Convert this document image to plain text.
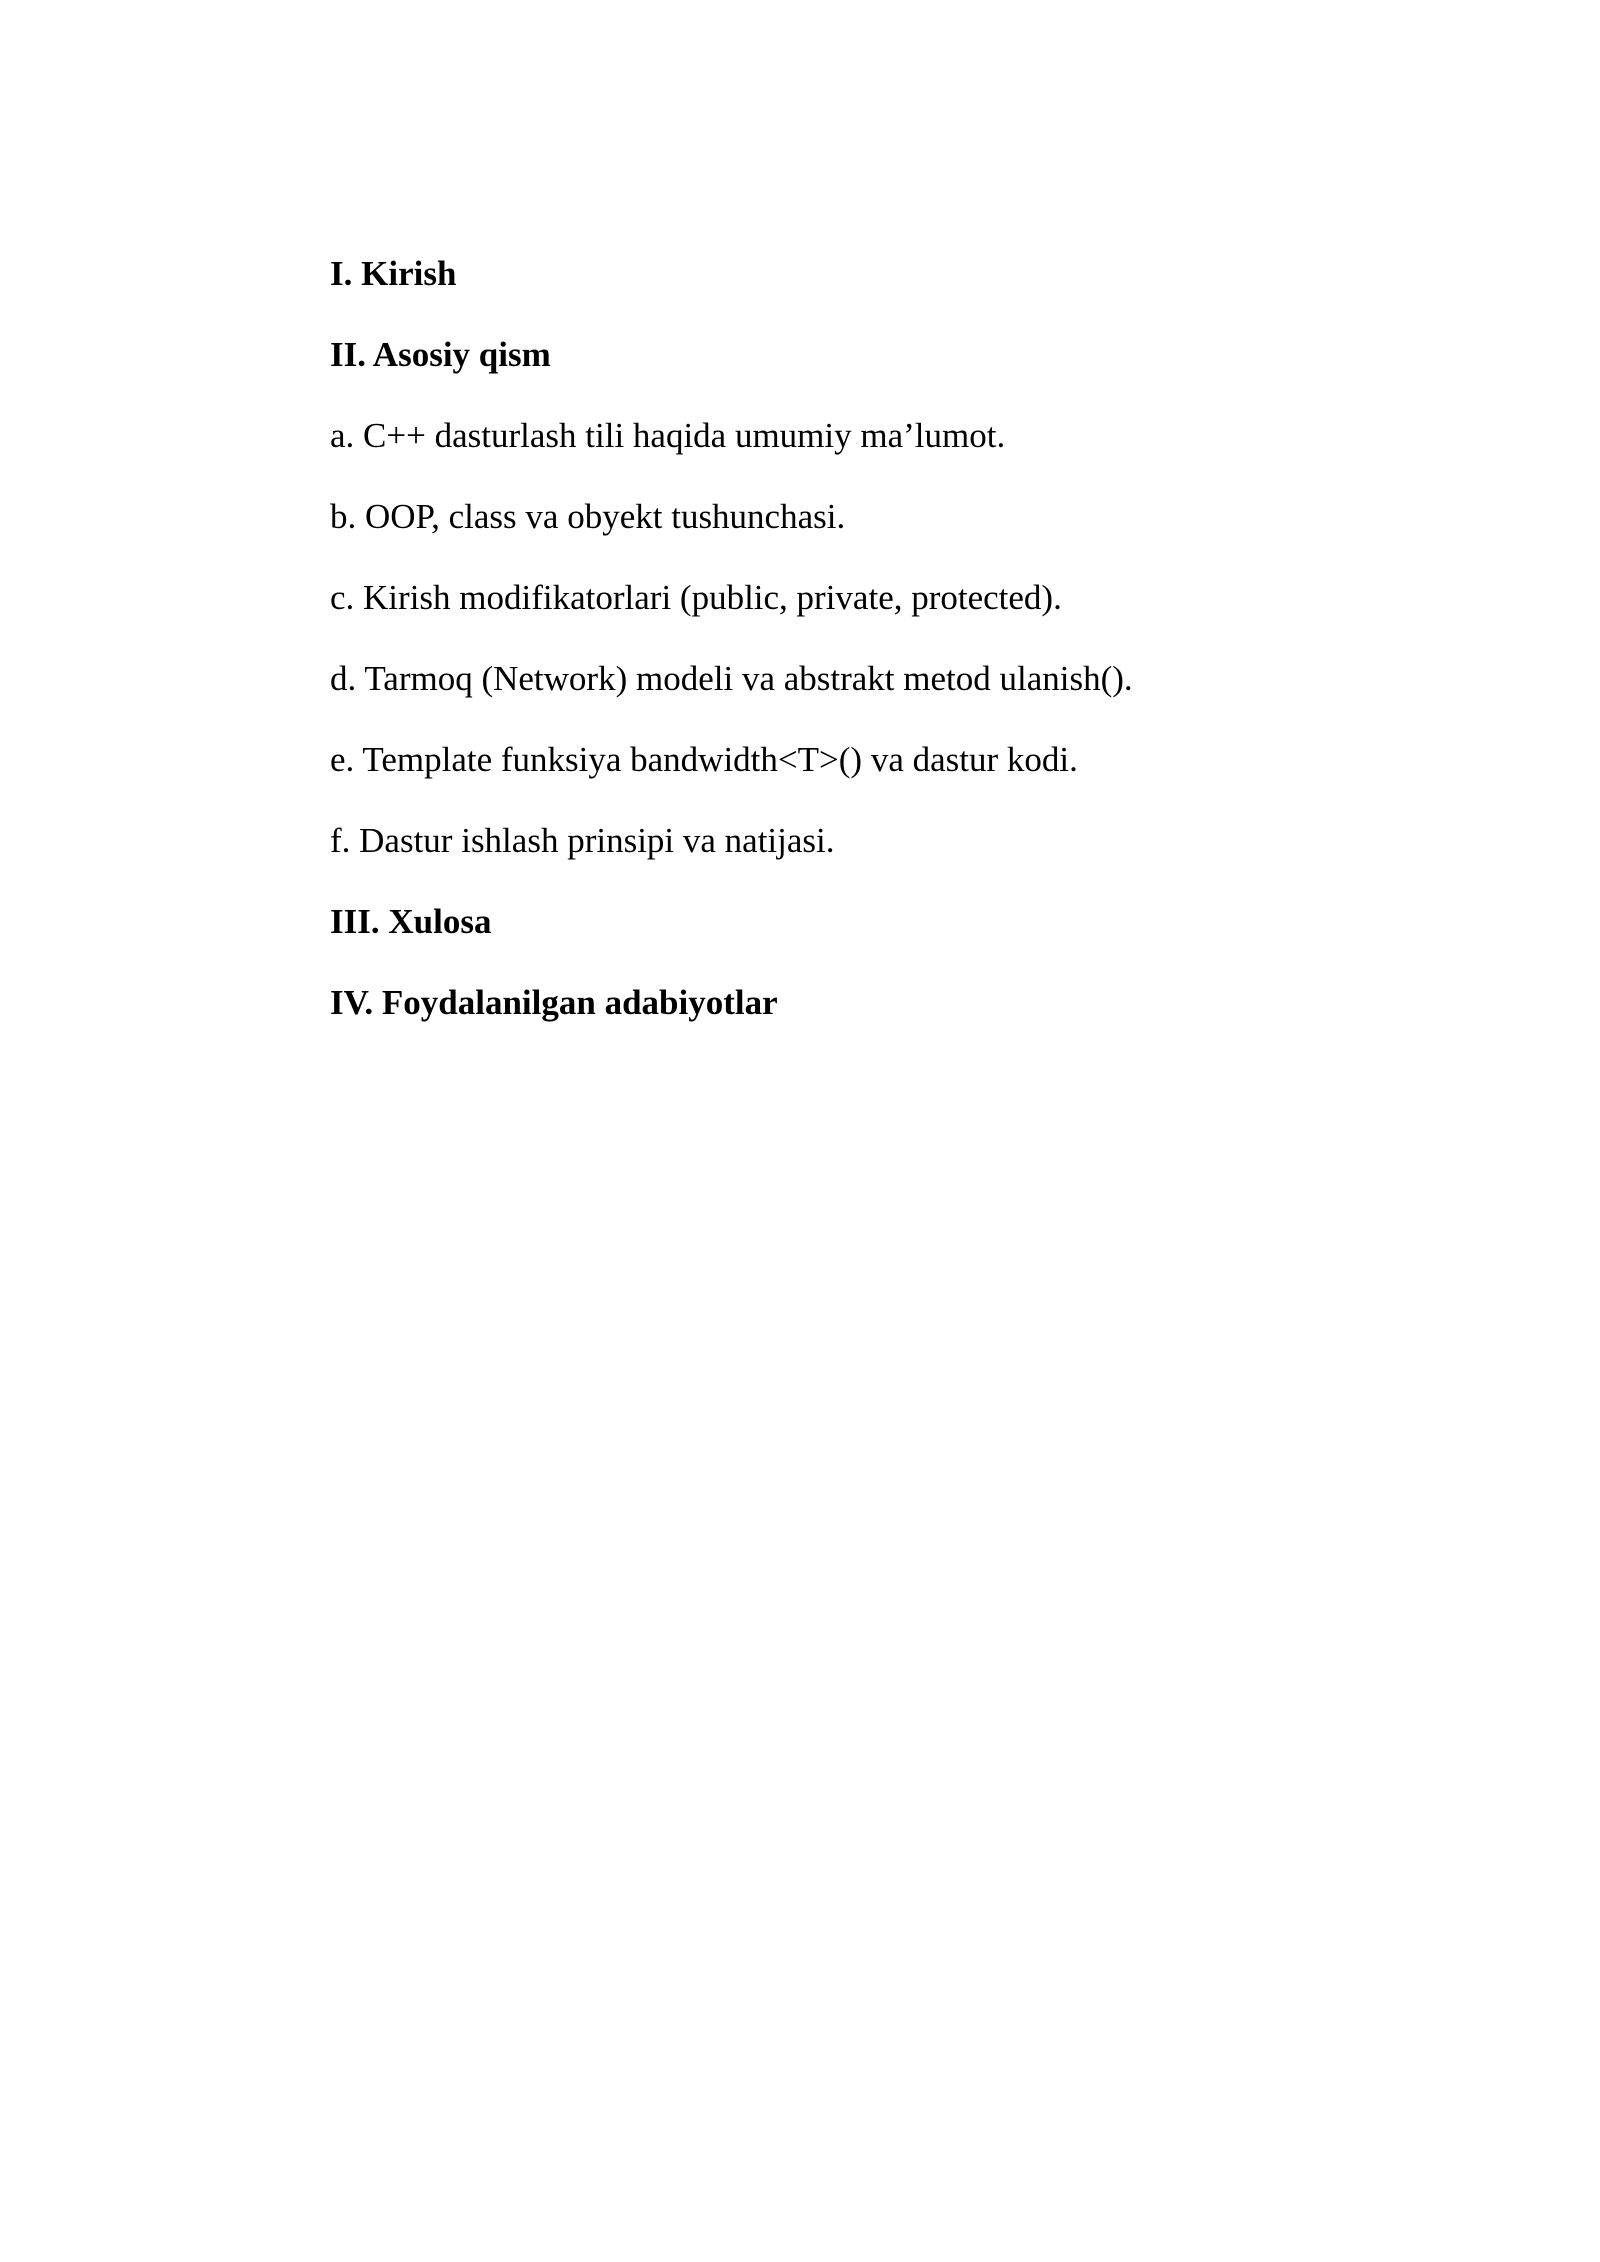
I. Kirish
II. Asosiy qism
a. C++ dasturlash tili haqida umumiy ma’lumot.
b. OOP, class va obyekt tushunchasi.
c. Kirish modifikatorlari (public, private, protected).
d. Tarmoq (Network) modeli va abstrakt metod ulanish().
e. Template funksiya bandwidth<T>() va dastur kodi.
f. Dastur ishlash prinsipi va natijasi.
III. Xulosa
IV. Foydalanilgan adabiyotlar
